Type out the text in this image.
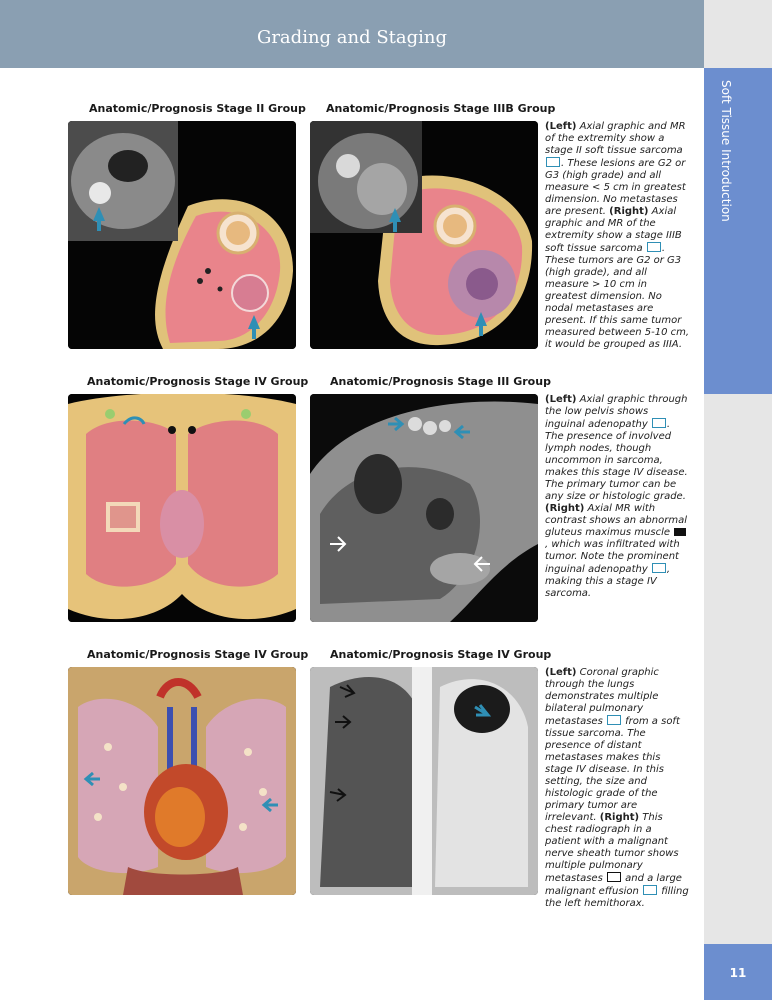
Grading and Staging
Soft Tissue Introduction
11
Anatomic/Prognosis Stage II Group Anatomic/Prognosis Stage IIIB Group

(Left) Axial graphic and MR of the extremity show a stage II soft tissue sarcoma . These lesions are G2 or G3 (high grade) and all measure < 5 cm in greatest dimension. No metastases are present. (Right) Axial graphic and MR of the extremity show a stage IIIB soft tissue sarcoma . These tumors are G2 or G3 (high grade), and all measure > 10 cm in greatest dimension. No nodal metastases are present. If this same tumor measured between 5-10 cm, it would be grouped as IIIA.

Anatomic/Prognosis Stage IV Group Anatomic/Prognosis Stage III Group

(Left) Axial graphic through the low pelvis shows inguinal adenopathy . The presence of involved lymph nodes, though uncommon in sarcoma, makes this stage IV disease. The primary tumor can be any size or histologic grade. (Right) Axial MR with contrast shows an abnormal gluteus maximus muscle , which was infiltrated with tumor. Note the prominent inguinal adenopathy , making this a stage IV sarcoma.

Anatomic/Prognosis Stage IV Group Anatomic/Prognosis Stage IV Group

(Left) Coronal graphic through the lungs demonstrates multiple bilateral pulmonary metastases  from a soft tissue sarcoma. The presence of distant metastases makes this stage IV disease. In this setting, the size and histologic grade of the primary tumor are irrelevant. (Right) This chest radiograph in a patient with a malignant nerve sheath tumor shows multiple pulmonary metastases  and a large malignant effusion  filling the left hemithorax.
